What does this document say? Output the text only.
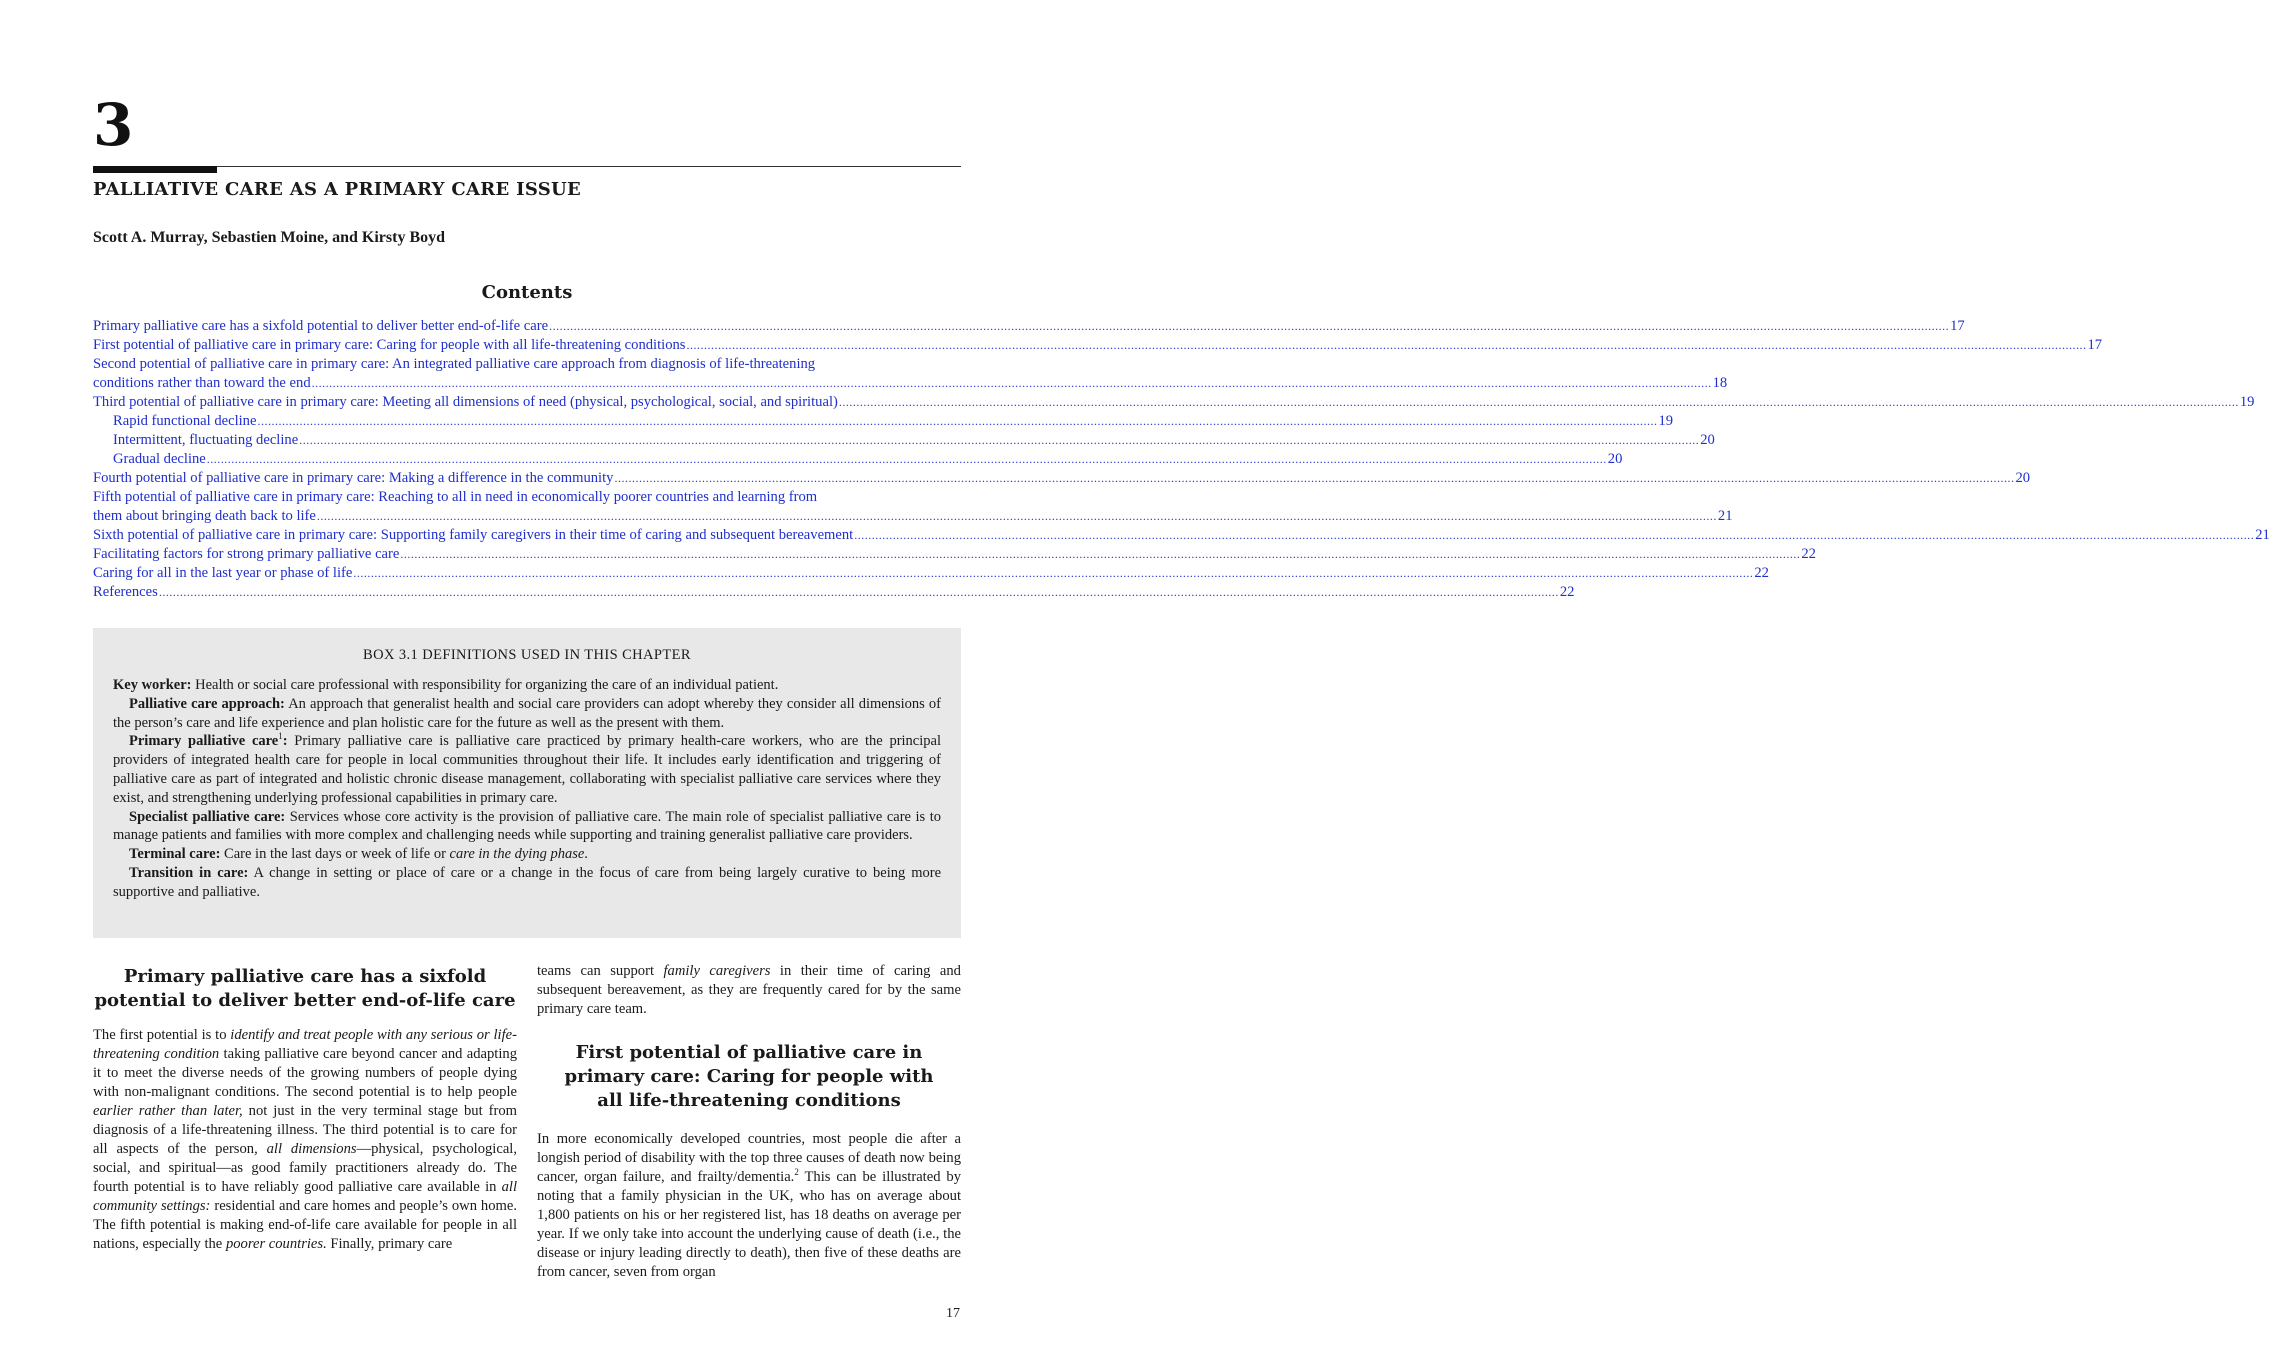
3
PALLIATIVE CARE AS A PRIMARY CARE ISSUE

Scott A. Murray, Sebastien Moine, and Kirsty Boyd

Contents
Primary palliative care has a sixfold potential to deliver better end-of-life care ................................................................................................................................................................................................................................................................................................................................................................................................................ 17
First potential of palliative care in primary care: Caring for people with all life-threatening conditions ................................................................................................................................................................................................................................................................................................................................................................................................................ 17
Second potential of palliative care in primary care: An integrated palliative care approach from diagnosis of life-threatening
conditions rather than toward the end ................................................................................................................................................................................................................................................................................................................................................................................................................ 18
Third potential of palliative care in primary care: Meeting all dimensions of need (physical, psychological, social, and spiritual) ................................................................................................................................................................................................................................................................................................................................................................................................................ 19
Rapid functional decline ................................................................................................................................................................................................................................................................................................................................................................................................................ 19
Intermittent, fluctuating decline ................................................................................................................................................................................................................................................................................................................................................................................................................ 20
Gradual decline ................................................................................................................................................................................................................................................................................................................................................................................................................ 20
Fourth potential of palliative care in primary care: Making a difference in the community ................................................................................................................................................................................................................................................................................................................................................................................................................ 20
Fifth potential of palliative care in primary care: Reaching to all in need in economically poorer countries and learning from
them about bringing death back to life ................................................................................................................................................................................................................................................................................................................................................................................................................ 21
Sixth potential of palliative care in primary care: Supporting family caregivers in their time of caring and subsequent bereavement ................................................................................................................................................................................................................................................................................................................................................................................................................ 21
Facilitating factors for strong primary palliative care ................................................................................................................................................................................................................................................................................................................................................................................................................ 22
Caring for all in the last year or phase of life ................................................................................................................................................................................................................................................................................................................................................................................................................ 22
References ................................................................................................................................................................................................................................................................................................................................................................................................................ 22
BOX 3.1 DEFINITIONS USED IN THIS CHAPTER

Key worker: Health or social care professional with responsibility for organizing the care of an individual patient.

Palliative care approach: An approach that generalist health and social care providers can adopt whereby they consider all dimensions of the person’s care and life experience and plan holistic care for the future as well as the present with them.

Primary palliative care$^1$: Primary palliative care is palliative care practiced by primary health-care workers, who are the principal providers of integrated health care for people in local communities throughout their life. It includes early identification and triggering of palliative care as part of integrated and holistic chronic disease management, collaborating with specialist palliative care services where they exist, and strengthening underlying professional capabilities in primary care.

Specialist palliative care: Services whose core activity is the provision of palliative care. The main role of specialist palliative care is to manage patients and families with more complex and challenging needs while supporting and training generalist palliative care providers.

Terminal care: Care in the last days or week of life or care in the dying phase.

Transition in care: A change in setting or place of care or a change in the focus of care from being largely curative to being more supportive and palliative.

Primary palliative care has a sixfold
potential to deliver better end-of-life care

The first potential is to identify and treat people with any serious or life-threatening condition taking palliative care beyond cancer and adapting it to meet the diverse needs of the growing numbers of people dying with non-malignant conditions. The second potential is to help people earlier rather than later, not just in the very terminal stage but from diagnosis of a life-threatening illness. The third potential is to care for all aspects of the person, all dimensions—physical, psychological, social, and spiritual—as good family practitioners already do. The fourth potential is to have reliably good palliative care available in all community settings: residential and care homes and people’s own home. The fifth potential is making end-of-life care available for people in all nations, especially the poorer countries. Finally, primary care

teams can support family caregivers in their time of caring and subsequent bereavement, as they are frequently cared for by the same primary care team.

First potential of palliative care in
primary care: Caring for people with
all life-threatening conditions

In more economically developed countries, most people die after a longish period of disability with the top three causes of death now being cancer, organ failure, and frailty/dementia.$^2$ This can be illustrated by noting that a family physician in the UK, who has on average about 1,800 patients on his or her registered list, has 18 deaths on average per year. If we only take into account the underlying cause of death (i.e., the disease or injury leading directly to death), then five of these deaths are from cancer, seven from organ

17
